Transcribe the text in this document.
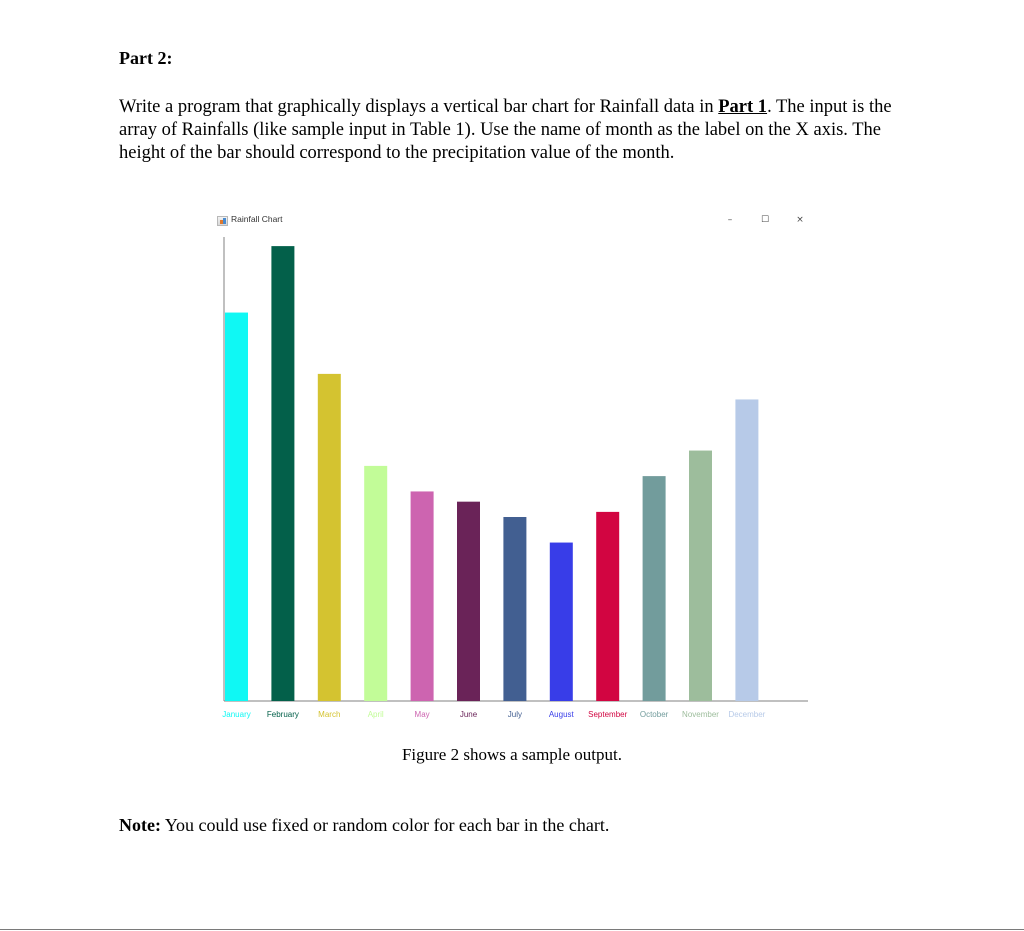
Part 2:

Write a program that graphically displays a vertical bar chart for Rainfall data in Part 1. The input is the array of Rainfalls (like sample input in Table 1). Use the name of month as the label on the X axis. The height of the bar should correspond to the precipitation value of the month.

Rainfall Chart	–	☐	×
January February March	April	May	June	July	August September October November December

Figure 2 shows a sample output.

Note: You could use fixed or random color for each bar in the chart.
